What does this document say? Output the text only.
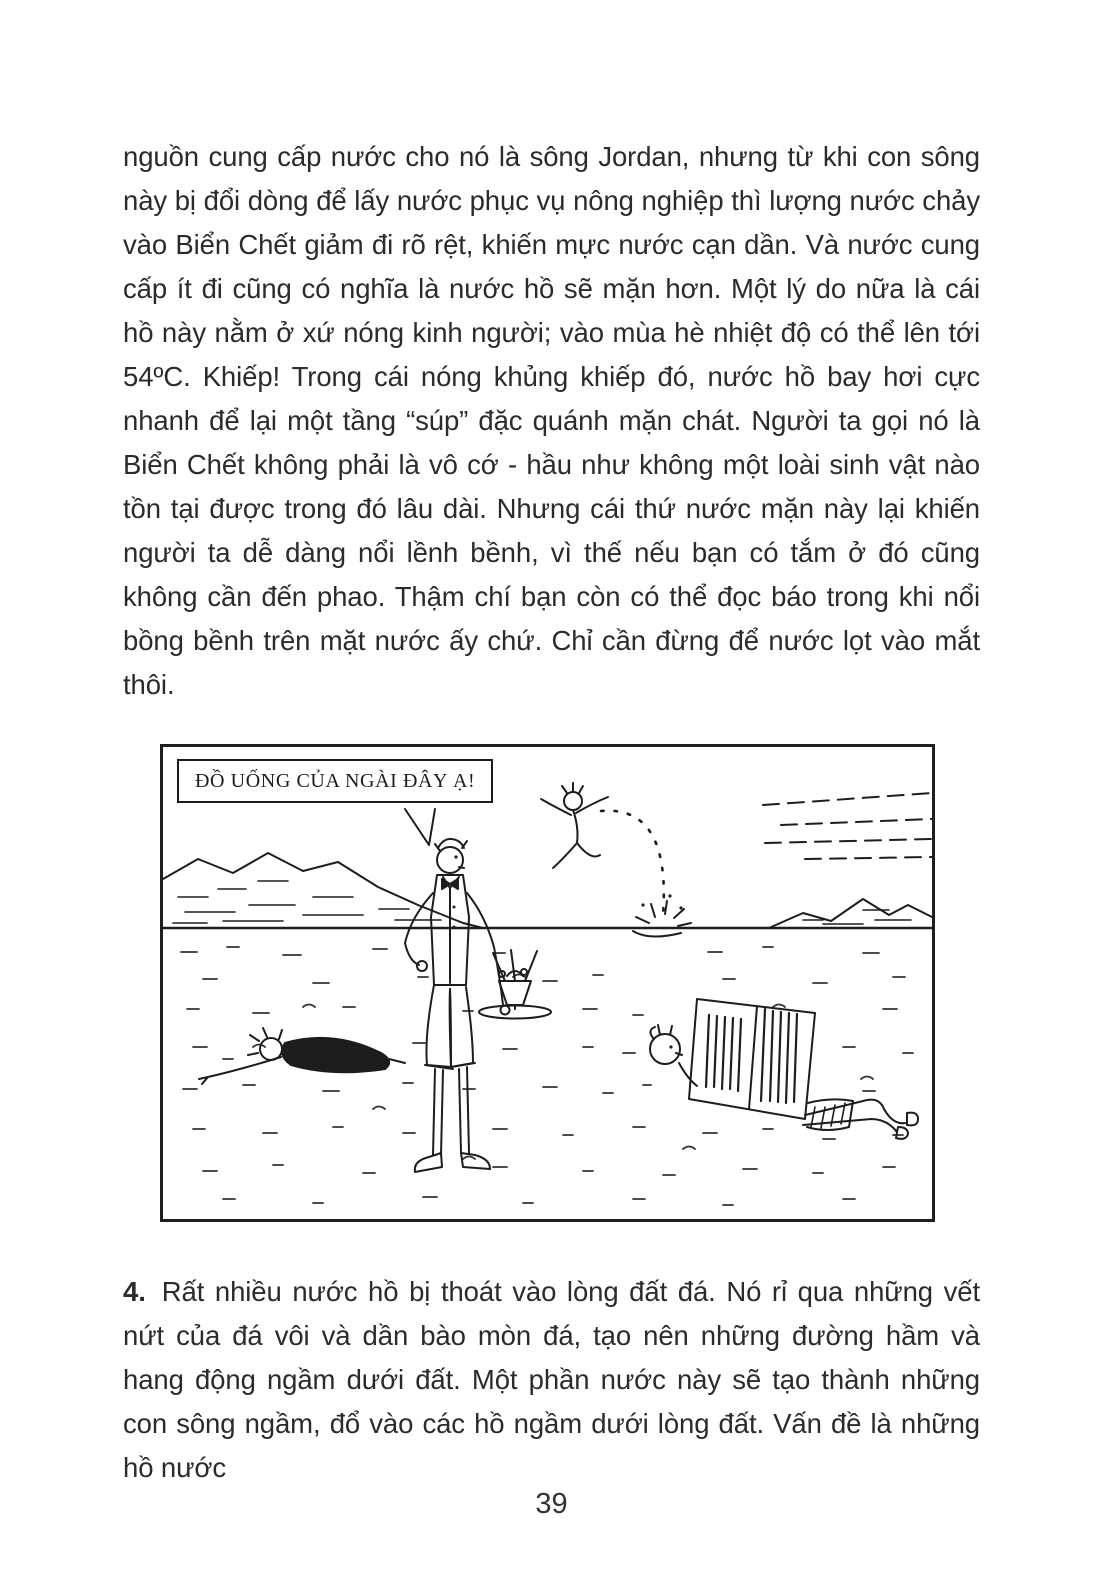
nguồn cung cấp nước cho nó là sông Jordan, nhưng từ khi con sông này bị đổi dòng để lấy nước phục vụ nông nghiệp thì lượng nước chảy vào Biển Chết giảm đi rõ rệt, khiến mực nước cạn dần. Và nước cung cấp ít đi cũng có nghĩa là nước hồ sẽ mặn hơn. Một lý do nữa là cái hồ này nằm ở xứ nóng kinh người; vào mùa hè nhiệt độ có thể lên tới 54ºC. Khiếp! Trong cái nóng khủng khiếp đó, nước hồ bay hơi cực nhanh để lại một tầng “súp” đặc quánh mặn chát. Người ta gọi nó là Biển Chết không phải là vô cớ - hầu như không một loài sinh vật nào tồn tại được trong đó lâu dài. Nhưng cái thứ nước mặn này lại khiến người ta dễ dàng nổi lềnh bềnh, vì thế nếu bạn có tắm ở đó cũng không cần đến phao. Thậm chí bạn còn có thể đọc báo trong khi nổi bồng bềnh trên mặt nước ấy chứ. Chỉ cần đừng để nước lọt vào mắt thôi.

ĐỒ UỐNG CỦA NGÀI ĐÂY Ạ!

4. Rất nhiều nước hồ bị thoát vào lòng đất đá. Nó rỉ qua những vết nứt của đá vôi và dần bào mòn đá, tạo nên những đường hầm và hang động ngầm dưới đất. Một phần nước này sẽ tạo thành những con sông ngầm, đổ vào các hồ ngầm dưới lòng đất. Vấn đề là những hồ nước

39
